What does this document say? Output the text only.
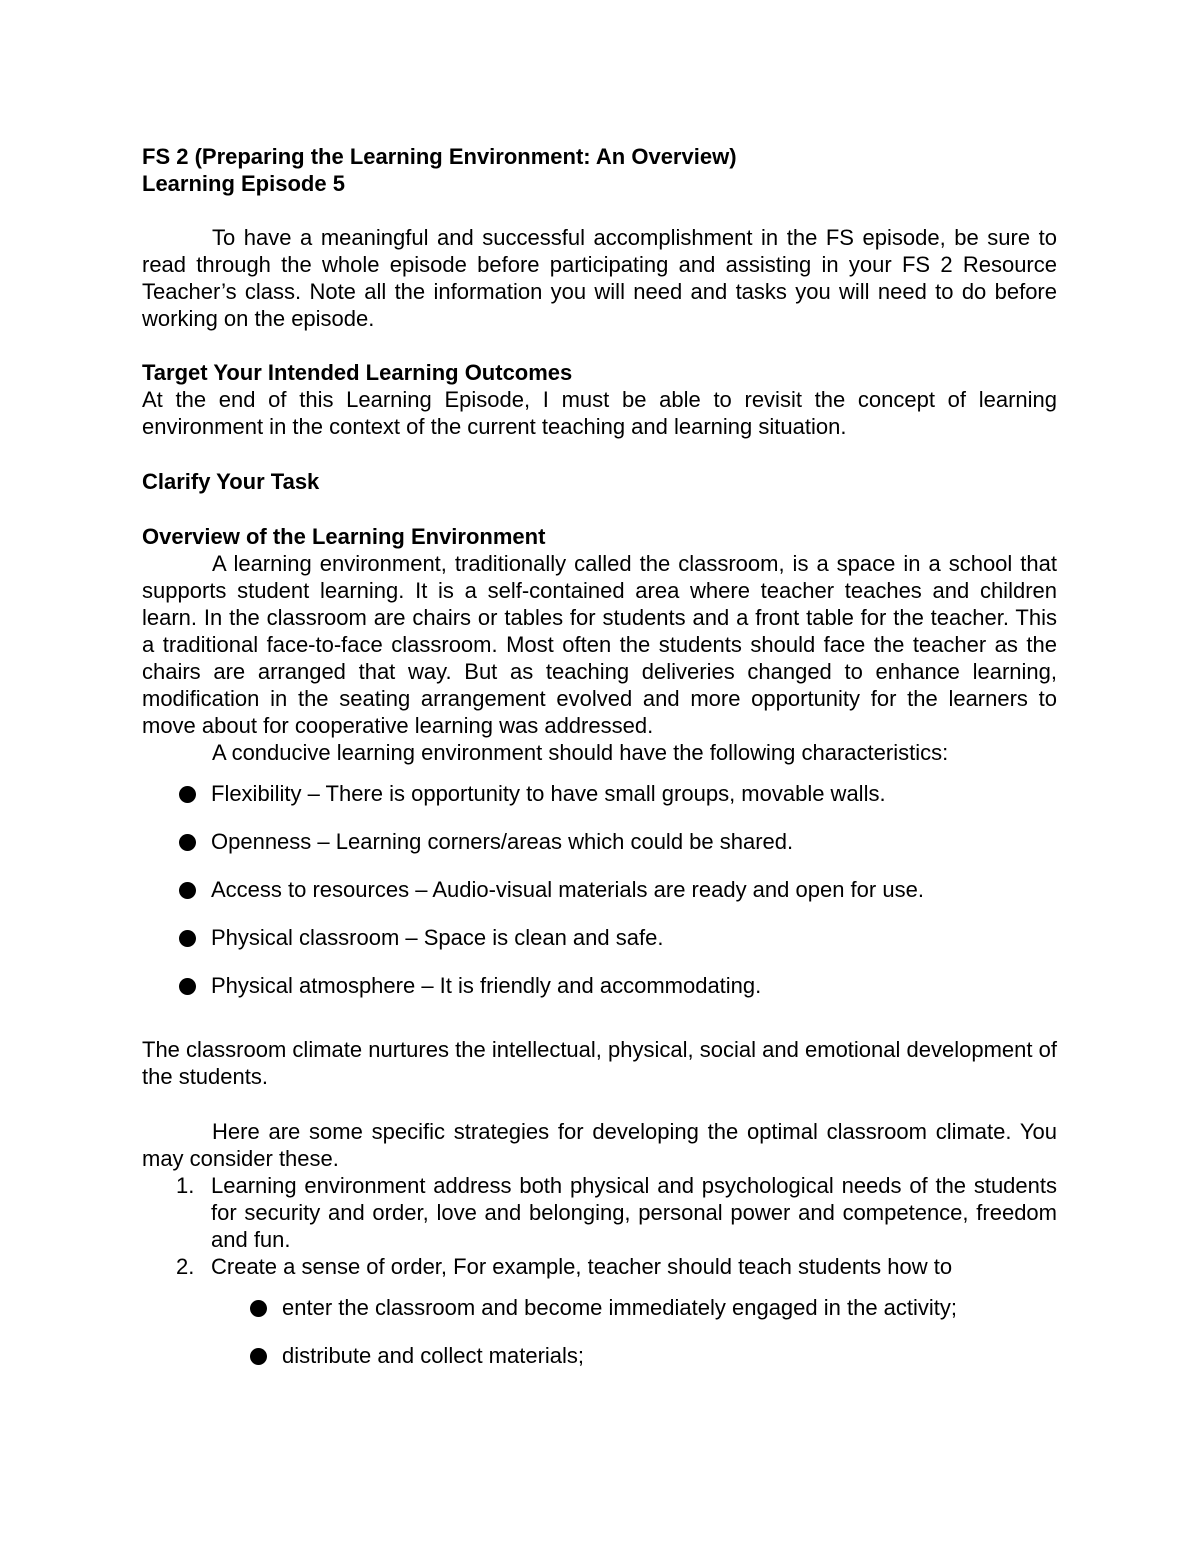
FS 2 (Preparing the Learning Environment: An Overview)

Learning Episode 5

To have a meaningful and successful accomplishment in the FS episode, be sure to read through the whole episode before participating and assisting in your FS 2 Resource Teacher’s class. Note all the information you will need and tasks you will need to do before working on the episode.

Target Your Intended Learning Outcomes

At the end of this Learning Episode, I must be able to revisit the concept of learning environment in the context of the current teaching and learning situation.

Clarify Your Task

Overview of the Learning Environment

A learning environment, traditionally called the classroom, is a space in a school that supports student learning. It is a self-contained area where teacher teaches and children learn. In the classroom are chairs or tables for students and a front table for the teacher. This a traditional face-to-face classroom. Most often the students should face the teacher as the chairs are arranged that way. But as teaching deliveries changed to enhance learning, modification in the seating arrangement evolved and more opportunity for the learners to move about for cooperative learning was addressed.

A conducive learning environment should have the following characteristics:

Flexibility – There is opportunity to have small groups, movable walls.
Openness – Learning corners/areas which could be shared.
Access to resources – Audio-visual materials are ready and open for use.
Physical classroom – Space is clean and safe.
Physical atmosphere – It is friendly and accommodating.

The classroom climate nurtures the intellectual, physical, social and emotional development of the students.

Here are some specific strategies for developing the optimal classroom climate. You may consider these.

1. Learning environment address both physical and psychological needs of the students for security and order, love and belonging, personal power and competence, freedom and fun.
2. Create a sense of order, For example, teacher should teach students how to
enter the classroom and become immediately engaged in the activity;
distribute and collect materials;
